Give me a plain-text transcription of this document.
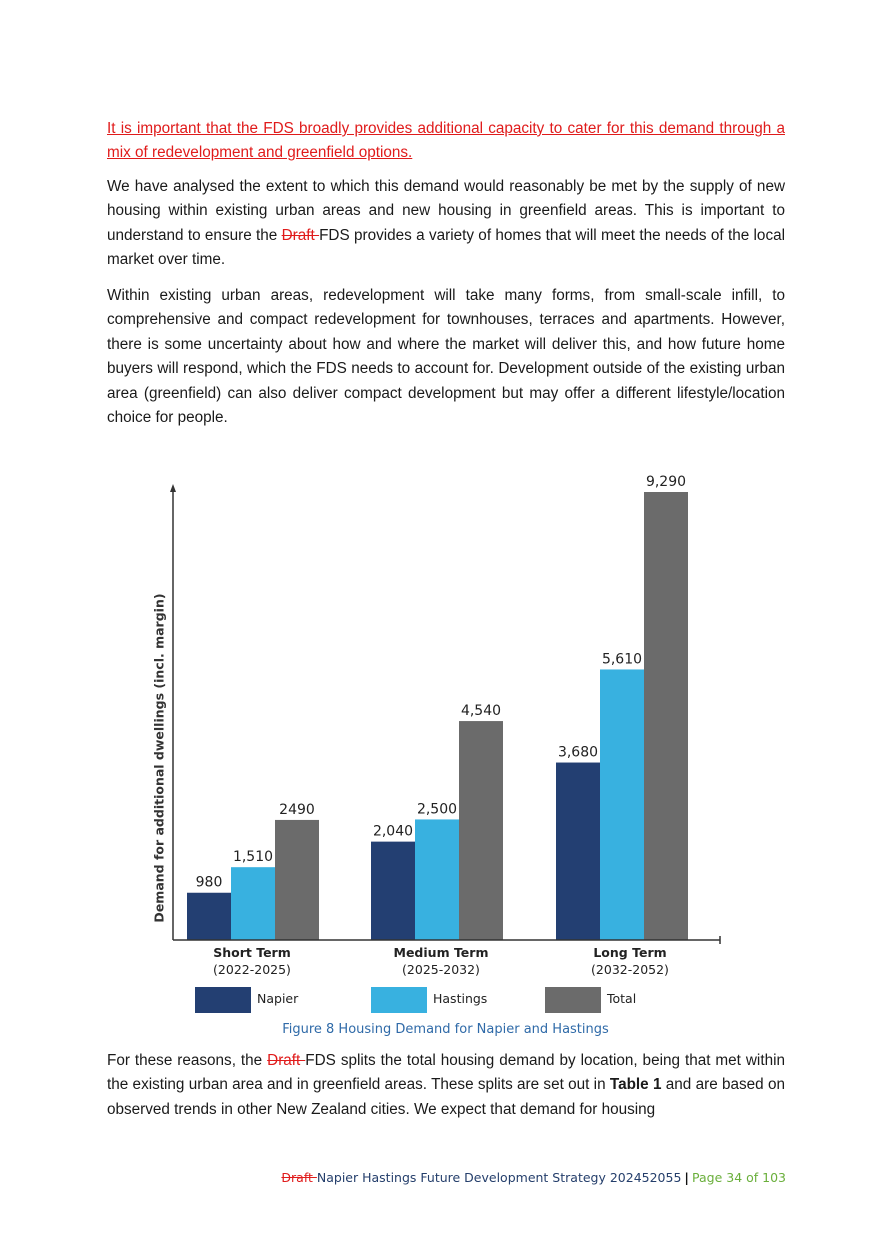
It is important that the FDS broadly provides additional capacity to cater for this demand through a mix of redevelopment and greenfield options.

We have analysed the extent to which this demand would reasonably be met by the supply of new housing within existing urban areas and new housing in greenfield areas. This is important to understand to ensure the Draft FDS provides a variety of homes that will meet the needs of the local market over time.

Within existing urban areas, redevelopment will take many forms, from small-scale infill, to comprehensive and compact redevelopment for townhouses, terraces and apartments. However, there is some uncertainty about how and where the market will deliver this, and how future home buyers will respond, which the FDS needs to account for. Development outside of the existing urban area (greenfield) can also deliver compact development but may offer a different lifestyle/location choice for people.

980
2,040
3,680
1,510
2,500
5,610
2490
4,540
9,290
Demand for additional dwellings (incl. margin)
Short Term
(2022-2025)
Medium Term
(2025-2032)
Long Term
(2032-2052)
Napier	Hastings	Total
Figure 8 Housing Demand for Napier and Hastings

For these reasons, the Draft FDS splits the total housing demand by location, being that met within the existing urban area and in greenfield areas. These splits are set out in Table 1 and are based on observed trends in other New Zealand cities. We expect that demand for housing

Draft Napier Hastings Future Development Strategy 202452055 | Page 34 of 103
